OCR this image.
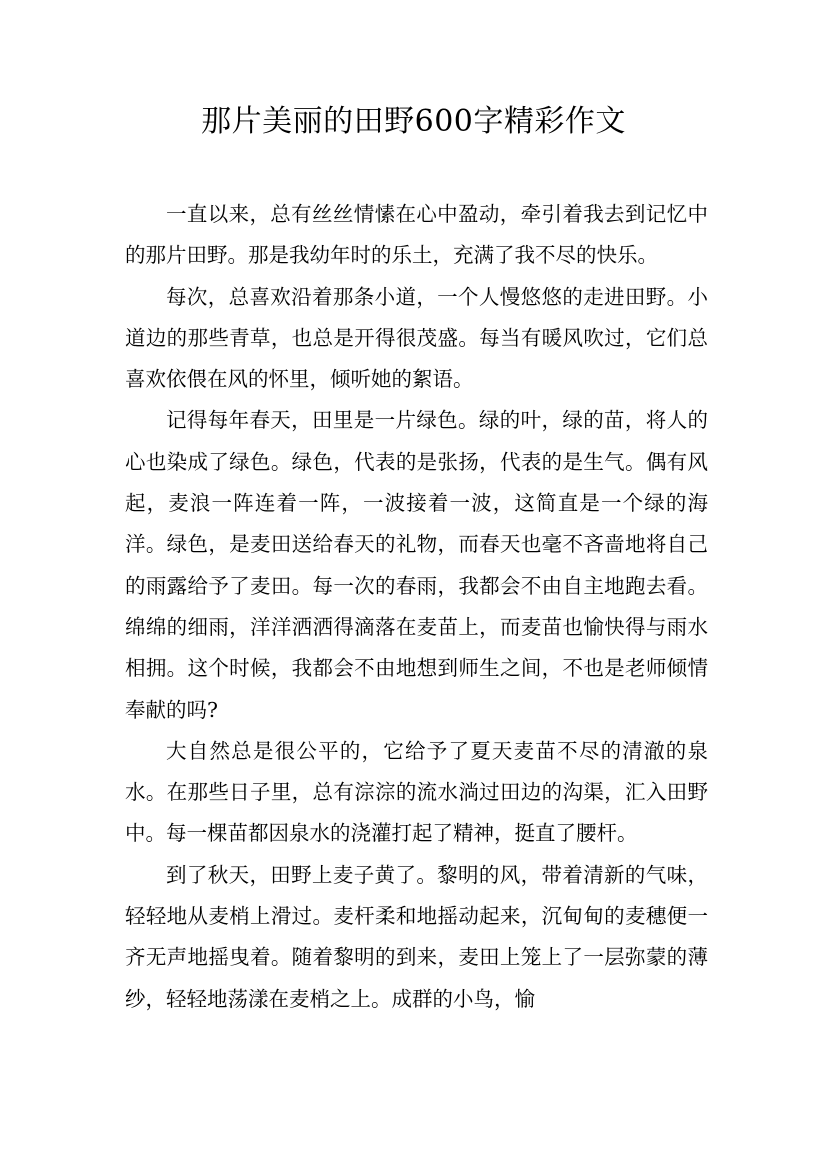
那片美丽的田野600字精彩作文

一直以来，总有丝丝情愫在心中盈动，牵引着我去到记忆中的那片田野。那是我幼年时的乐土，充满了我不尽的快乐。

每次，总喜欢沿着那条小道，一个人慢悠悠的走进田野。小道边的那些青草，也总是开得很茂盛。每当有暖风吹过，它们总喜欢依偎在风的怀里，倾听她的絮语。

记得每年春天，田里是一片绿色。绿的叶，绿的苗，将人的心也染成了绿色。绿色，代表的是张扬，代表的是生气。偶有风起，麦浪一阵连着一阵，一波接着一波，这简直是一个绿的海洋。绿色，是麦田送给春天的礼物，而春天也毫不吝啬地将自己的雨露给予了麦田。每一次的春雨，我都会不由自主地跑去看。绵绵的细雨，洋洋洒洒得滴落在麦苗上，而麦苗也愉快得与雨水相拥。这个时候，我都会不由地想到师生之间，不也是老师倾情奉献的吗?

大自然总是很公平的，它给予了夏天麦苗不尽的清澈的泉水。在那些日子里，总有淙淙的流水淌过田边的沟渠，汇入田野中。每一棵苗都因泉水的浇灌打起了精神，挺直了腰杆。

到了秋天，田野上麦子黄了。黎明的风，带着清新的气味，轻轻地从麦梢上滑过。麦杆柔和地摇动起来，沉甸甸的麦穗便一齐无声地摇曳着。随着黎明的到来，麦田上笼上了一层弥蒙的薄纱，轻轻地荡漾在麦梢之上。成群的小鸟，愉
